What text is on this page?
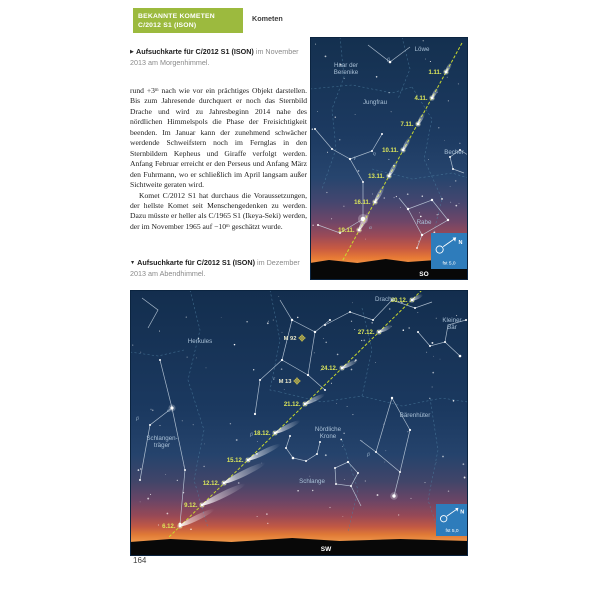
BEKANNTE KOMETEN
C/2012 S1 (ISON)
Kometen

▶ Aufsuchkarte für C/2012 S1 (ISON) im November 2013 am Morgenhimmel.

rund +3ᵐ nach wie vor ein prächtiges Objekt darstellen. Bis zum Jahresende durchquert er noch das Sternbild Drache und wird zu Jahresbeginn 2014 nahe des nördlichen Himmelspols die Phase der Freisichtigkeit beenden. Im Januar kann der zunehmend schwächer werdende Schweifstern noch im Fernglas in den Sternbildern Kepheus und Giraffe verfolgt werden. Anfang Februar erreicht er den Perseus und Anfang März den Fuhrmann, wo er schließlich im April langsam außer Sichtweite geraten wird.

Komet C/2012 S1 hat durchaus die Voraussetzungen, der hellste Komet seit Menschengedenken zu werden. Dazu müsste er heller als C/1965 S1 (Ikeya-Seki) werden, der im November 1965 auf −10ᵐ geschätzt wurde.

▼ Aufsuchkarte für C/2012 S1 (ISON) im Dezember 2013 am Abendhimmel.

1.11.
4.11.
7.11.
10.11.
13.11.
16.11.
19.11.
Löwe
Haar der Berenike
Jungfrau
Becher
Rabe
β
η
γ
α
SO
N
fst 5,0
M 92
M 13
6.12.
9.12.
12.12.
15.12.
18.12.
21.12.
24.12.
27.12.
30.12.
Herkules
Drache
Kleiner Bär
Bärenhüter
Nördliche Krone
Schlangen-träger
Schlange
α
β
β
ε
β
SW
N
fst 5,0
164
